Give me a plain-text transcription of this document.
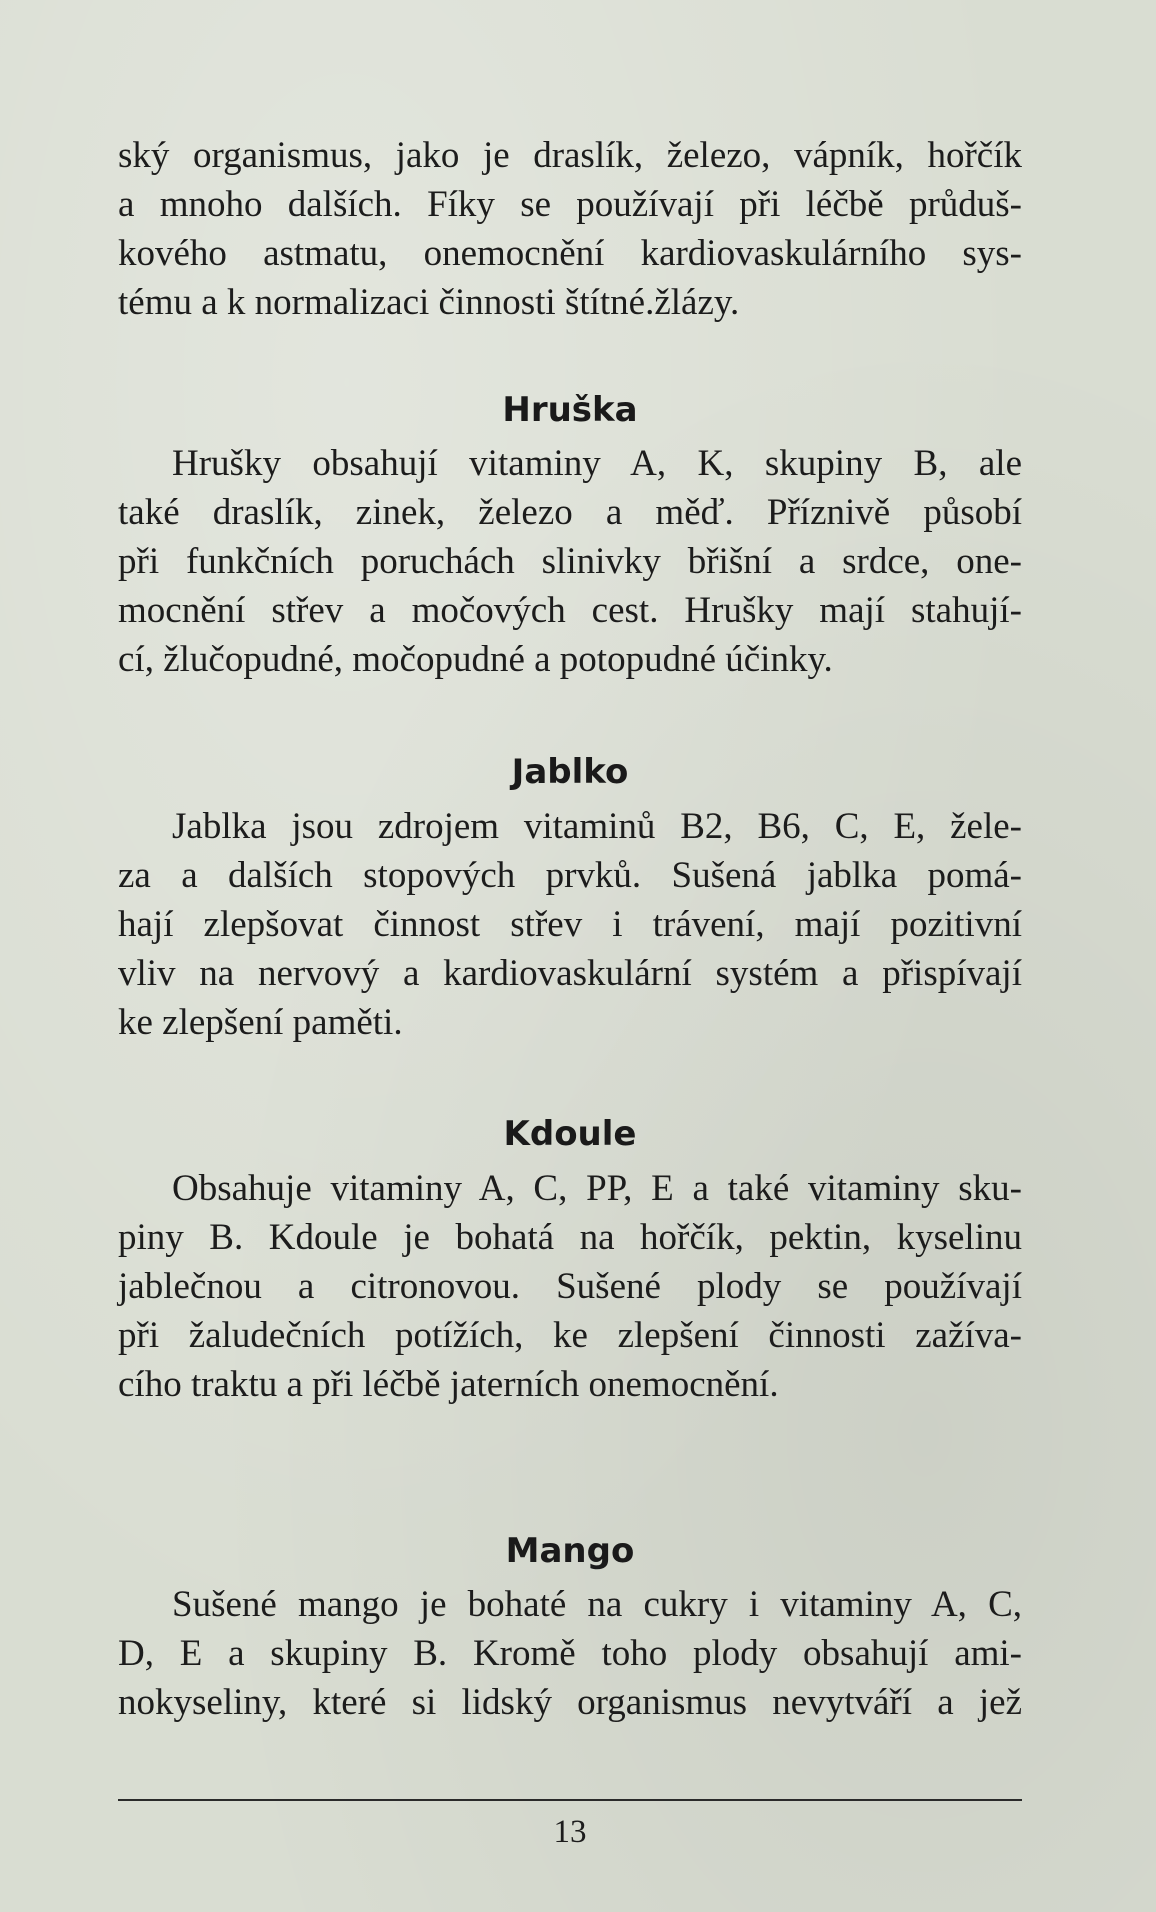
ský organismus, jako je draslík, železo, vápník, hořčík
a mnoho dalších. Fíky se používají při léčbě průduš-
kového astmatu, onemocnění kardiovaskulárního sys-
tému a k normalizaci činnosti štítné.žlázy.
Hruška
Hrušky obsahují vitaminy A, K, skupiny B, ale
také draslík, zinek, železo a měď. Příznivě působí
při funkčních poruchách slinivky břišní a srdce, one-
mocnění střev a močových cest. Hrušky mají stahují-
cí, žlučopudné, močopudné a potopudné účinky.
Jablko
Jablka jsou zdrojem vitaminů B2, B6, C, E, žele-
za a dalších stopových prvků. Sušená jablka pomá-
hají zlepšovat činnost střev i trávení, mají pozitivní
vliv na nervový a kardiovaskulární systém a přispívají
ke zlepšení paměti.
Kdoule
Obsahuje vitaminy A, C, PP, E a také vitaminy sku-
piny B. Kdoule je bohatá na hořčík, pektin, kyselinu
jablečnou a citronovou. Sušené plody se používají
při žaludečních potížích, ke zlepšení činnosti zažíva-
cího traktu a při léčbě jaterních onemocnění.
Mango
Sušené mango je bohaté na cukry i vitaminy A, C,
D, E a skupiny B. Kromě toho plody obsahují ami-
nokyseliny, které si lidský organismus nevytváří a jež
13
